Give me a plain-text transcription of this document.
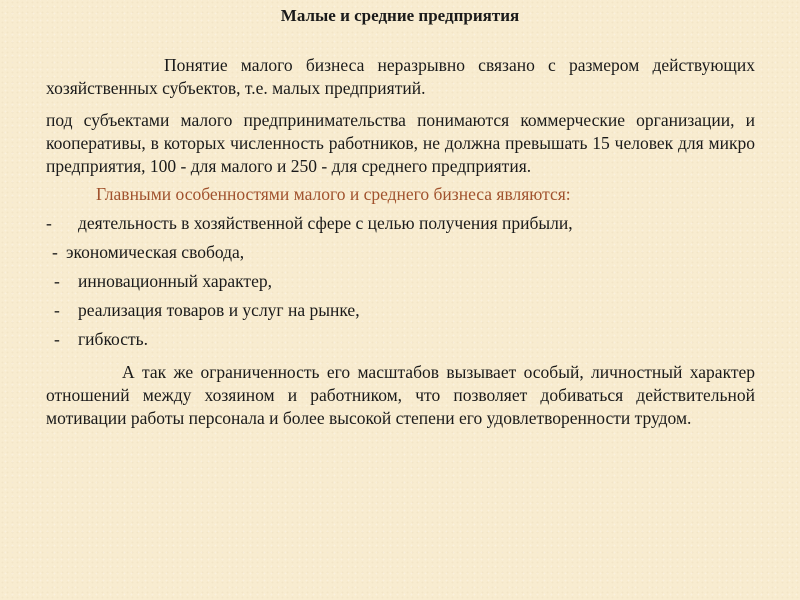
Малые и средние предприятия

Понятие малого бизнеса неразрывно связано с размером действующих хозяйственных субъектов, т.е. малых предприятий.

под субъектами малого предпринимательства понимаются коммерческие организации, и кооперативы, в которых численность работников, не должна превышать 15 человек для микро предприятия, 100 - для малого и 250 - для среднего предприятия.

Главными особенностями малого и среднего бизнеса являются:

- деятельность в хозяйственной сфере с целью получения прибыли,
- экономическая свобода,
- инновационный характер,
- реализация товаров и услуг на рынке,
- гибкость.

А так же ограниченность его масштабов вызывает особый, личностный характер отношений между хозяином и работником, что позволяет добиваться действительной мотивации работы персонала и более высокой степени его удовлетворенности трудом.
